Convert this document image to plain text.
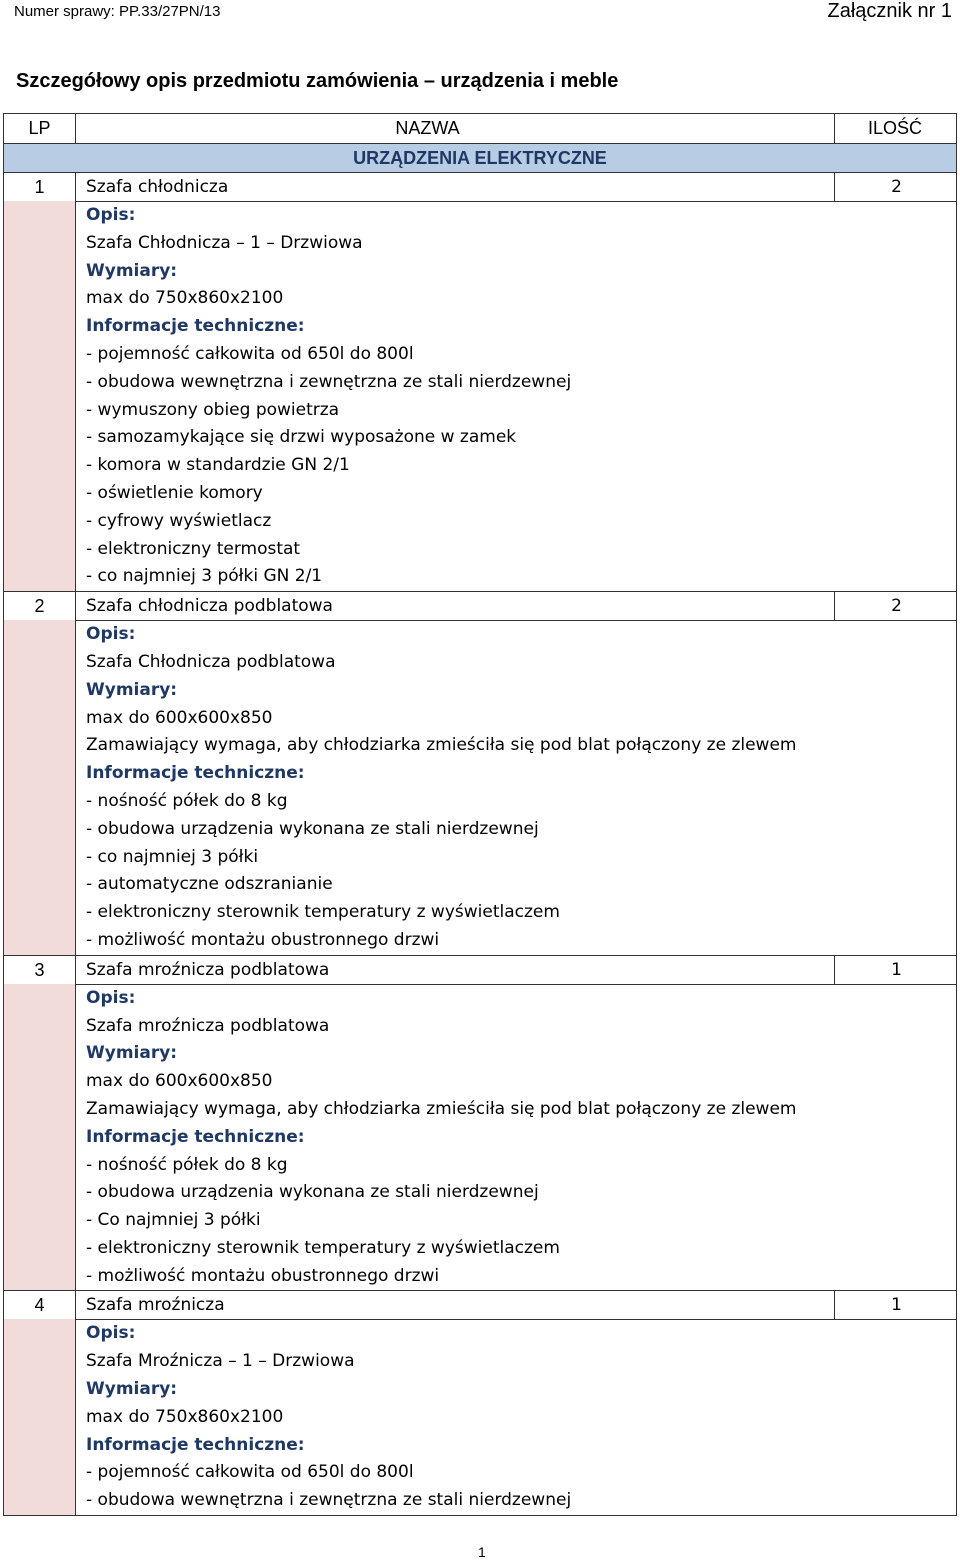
Numer sprawy: PP.33/27PN/13	Załącznik nr 1
Szczegółowy opis przedmiotu zamówienia – urządzenia i meble
LP	NAZWA	ILOŚĆ
URZĄDZENIA ELEKTRYCZNE
1	Szafa chłodnicza	2
Opis:
Szafa Chłodnicza – 1 – Drzwiowa
Wymiary:
max do 750x860x2100
Informacje techniczne:
- pojemność całkowita od 650l do 800l
- obudowa wewnętrzna i zewnętrzna ze stali nierdzewnej
- wymuszony obieg powietrza
- samozamykające się drzwi wyposażone w zamek
- komora w standardzie GN 2/1
- oświetlenie komory
- cyfrowy wyświetlacz
- elektroniczny termostat
- co najmniej 3 półki GN 2/1
2	Szafa chłodnicza podblatowa	2
Opis:
Szafa Chłodnicza podblatowa
Wymiary:
max do 600x600x850
Zamawiający wymaga, aby chłodziarka zmieściła się pod blat połączony ze zlewem
Informacje techniczne:
- nośność półek do 8 kg
- obudowa urządzenia wykonana ze stali nierdzewnej
- co najmniej 3 półki
- automatyczne odszranianie
- elektroniczny sterownik temperatury z wyświetlaczem
- możliwość montażu obustronnego drzwi
3	Szafa mroźnicza podblatowa	1
Opis:
Szafa mroźnicza podblatowa
Wymiary:
max do 600x600x850
Zamawiający wymaga, aby chłodziarka zmieściła się pod blat połączony ze zlewem
Informacje techniczne:
- nośność półek do 8 kg
- obudowa urządzenia wykonana ze stali nierdzewnej
- Co najmniej 3 półki
- elektroniczny sterownik temperatury z wyświetlaczem
- możliwość montażu obustronnego drzwi
4	Szafa mroźnicza	1
Opis:
Szafa Mroźnicza – 1 – Drzwiowa
Wymiary:
max do 750x860x2100
Informacje techniczne:
- pojemność całkowita od 650l do 800l
- obudowa wewnętrzna i zewnętrzna ze stali nierdzewnej
1
